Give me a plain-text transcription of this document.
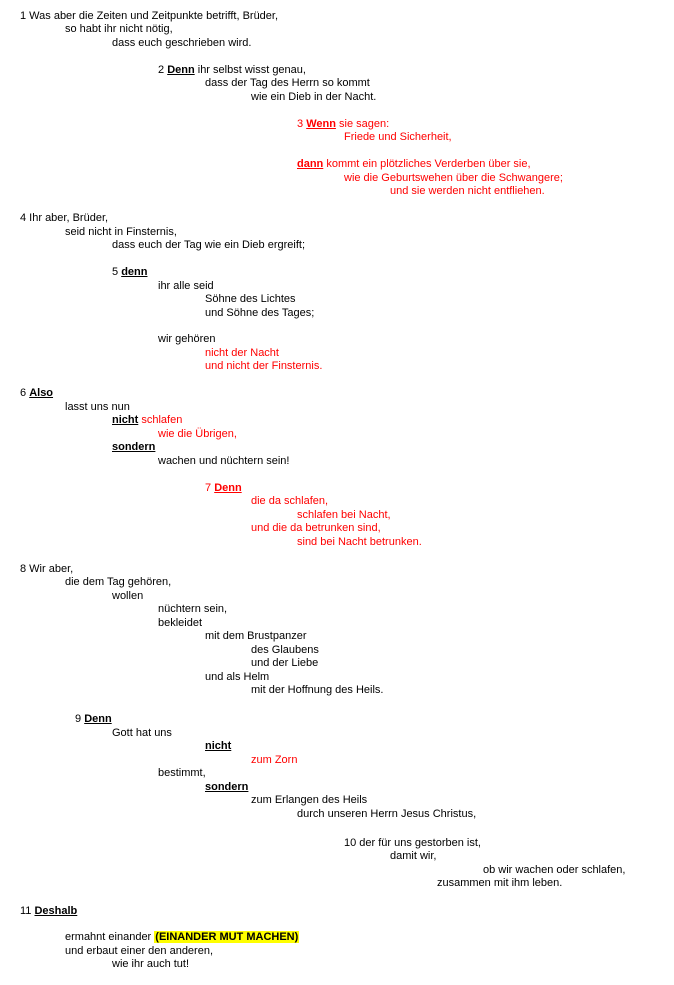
1 Was aber die Zeiten und Zeitpunkte betrifft, Brüder,
so habt ihr nicht nötig,
dass euch geschrieben wird.
2 Denn ihr selbst wisst genau,
dass der Tag des Herrn so kommt
wie ein Dieb in der Nacht.
3 Wenn sie sagen:
Friede und Sicherheit,
dann kommt ein plötzliches Verderben über sie,
wie die Geburtswehen über die Schwangere;
und sie werden nicht entfliehen.
4 Ihr aber, Brüder,
seid nicht in Finsternis,
dass euch der Tag wie ein Dieb ergreift;
5 denn
ihr alle seid
Söhne des Lichtes
und Söhne des Tages;
wir gehören
nicht der Nacht
und nicht der Finsternis.
6 Also
lasst uns nun
nicht schlafen
wie die Übrigen,
sondern
wachen und nüchtern sein!
7 Denn
die da schlafen,
schlafen bei Nacht,
und die da betrunken sind,
sind bei Nacht betrunken.
8 Wir aber,
die dem Tag gehören,
wollen
nüchtern sein,
bekleidet
mit dem Brustpanzer
des Glaubens
und der Liebe
und als Helm
mit der Hoffnung des Heils.
9 Denn
Gott hat uns
nicht
zum Zorn
bestimmt,
sondern
zum Erlangen des Heils
durch unseren Herrn Jesus Christus,
10 der für uns gestorben ist,
damit wir,
ob wir wachen oder schlafen,
zusammen mit ihm leben.
11 Deshalb
ermahnt einander (EINANDER MUT MACHEN)
und erbaut einer den anderen,
wie ihr auch tut!
